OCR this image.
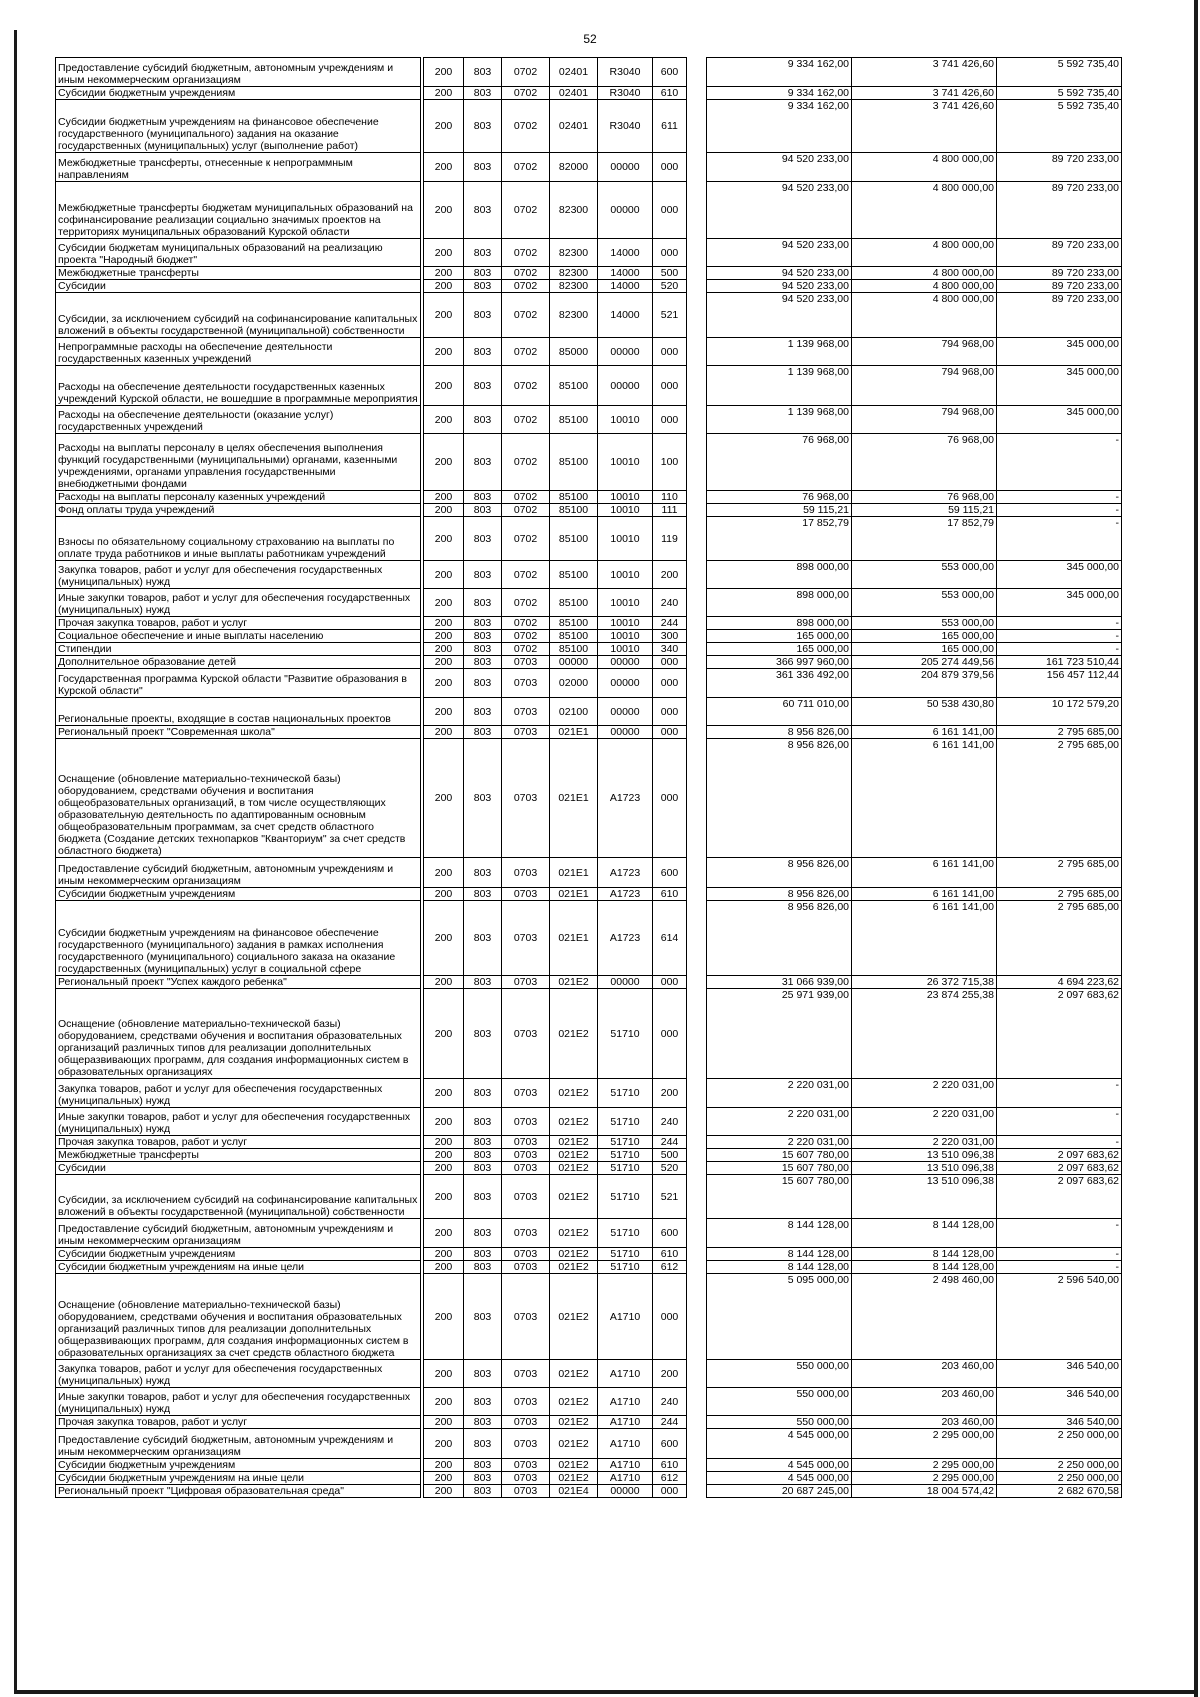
52
Предоставление субсидий бюджетным, автономным учреждениям и иным некоммерческим организациям		200	803	0702	02401	R3040	600		9 334 162,00	3 741 426,60	5 592 735,40
Субсидии бюджетным учреждениям		200	803	0702	02401	R3040	610		9 334 162,00	3 741 426,60	5 592 735,40
Субсидии бюджетным учреждениям на финансовое обеспечение государственного (муниципального) задания на оказание государственных (муниципальных) услуг (выполнение работ)		200	803	0702	02401	R3040	611		9 334 162,00	3 741 426,60	5 592 735,40
Межбюджетные трансферты, отнесенные к непрограммным направлениям		200	803	0702	82000	00000	000		94 520 233,00	4 800 000,00	89 720 233,00
Межбюджетные трансферты бюджетам муниципальных образований на софинансирование реализации социально значимых проектов на территориях муниципальных образований Курской области		200	803	0702	82300	00000	000		94 520 233,00	4 800 000,00	89 720 233,00
Субсидии бюджетам муниципальных образований на реализацию проекта "Народный бюджет"		200	803	0702	82300	14000	000		94 520 233,00	4 800 000,00	89 720 233,00
Межбюджетные трансферты		200	803	0702	82300	14000	500		94 520 233,00	4 800 000,00	89 720 233,00
Субсидии		200	803	0702	82300	14000	520		94 520 233,00	4 800 000,00	89 720 233,00
Субсидии, за исключением субсидий на софинансирование капитальных вложений в объекты государственной (муниципальной) собственности		200	803	0702	82300	14000	521		94 520 233,00	4 800 000,00	89 720 233,00
Непрограммные расходы на обеспечение деятельности государственных казенных учреждений		200	803	0702	85000	00000	000		1 139 968,00	794 968,00	345 000,00
Расходы на обеспечение деятельности государственных казенных учреждений Курской области, не вошедшие в программные мероприятия		200	803	0702	85100	00000	000		1 139 968,00	794 968,00	345 000,00
Расходы на обеспечение деятельности (оказание услуг) государственных учреждений		200	803	0702	85100	10010	000		1 139 968,00	794 968,00	345 000,00
Расходы на выплаты персоналу в целях обеспечения выполнения функций государственными (муниципальными) органами, казенными учреждениями, органами управления государственными внебюджетными фондами		200	803	0702	85100	10010	100		76 968,00	76 968,00	-
Расходы на выплаты персоналу казенных учреждений		200	803	0702	85100	10010	110		76 968,00	76 968,00	-
Фонд оплаты труда учреждений		200	803	0702	85100	10010	111		59 115,21	59 115,21	-
Взносы по обязательному социальному страхованию на выплаты по оплате труда работников и иные выплаты работникам учреждений		200	803	0702	85100	10010	119		17 852,79	17 852,79	-
Закупка товаров, работ и услуг для обеспечения государственных (муниципальных) нужд		200	803	0702	85100	10010	200		898 000,00	553 000,00	345 000,00
Иные закупки товаров, работ и услуг для обеспечения государственных (муниципальных) нужд		200	803	0702	85100	10010	240		898 000,00	553 000,00	345 000,00
Прочая закупка товаров, работ и услуг		200	803	0702	85100	10010	244		898 000,00	553 000,00	-
Социальное обеспечение и иные выплаты населению		200	803	0702	85100	10010	300		165 000,00	165 000,00	-
Стипендии		200	803	0702	85100	10010	340		165 000,00	165 000,00	-
Дополнительное образование детей		200	803	0703	00000	00000	000		366 997 960,00	205 274 449,56	161 723 510,44
Государственная программа Курской области "Развитие образования в Курской области"		200	803	0703	02000	00000	000		361 336 492,00	204 879 379,56	156 457 112,44
Региональные проекты, входящие в состав национальных проектов		200	803	0703	02100	00000	000		60 711 010,00	50 538 430,80	10 172 579,20
Региональный проект "Современная школа"		200	803	0703	021E1	00000	000		8 956 826,00	6 161 141,00	2 795 685,00
Оснащение (обновление материально-технической базы) оборудованием, средствами обучения и воспитания общеобразовательных организаций, в том числе осуществляющих образовательную деятельность по адаптированным основным общеобразовательным программам, за счет средств областного бюджета (Создание детских технопарков "Кванториум" за счет средств областного бюджета)		200	803	0703	021E1	A1723	000		8 956 826,00	6 161 141,00	2 795 685,00
Предоставление субсидий бюджетным, автономным учреждениям и иным некоммерческим организациям		200	803	0703	021E1	A1723	600		8 956 826,00	6 161 141,00	2 795 685,00
Субсидии бюджетным учреждениям		200	803	0703	021E1	A1723	610		8 956 826,00	6 161 141,00	2 795 685,00
Субсидии бюджетным учреждениям на финансовое обеспечение государственного (муниципального) задания в рамках исполнения государственного (муниципального) социального заказа на оказание государственных (муниципальных) услуг в социальной сфере		200	803	0703	021E1	A1723	614		8 956 826,00	6 161 141,00	2 795 685,00
Региональный проект "Успех каждого ребенка"		200	803	0703	021E2	00000	000		31 066 939,00	26 372 715,38	4 694 223,62
Оснащение (обновление материально-технической базы) оборудованием, средствами обучения и воспитания образовательных организаций различных типов для реализации дополнительных общеразвивающих программ, для создания информационных систем в образовательных организациях		200	803	0703	021E2	51710	000		25 971 939,00	23 874 255,38	2 097 683,62
Закупка товаров, работ и услуг для обеспечения государственных (муниципальных) нужд		200	803	0703	021E2	51710	200		2 220 031,00	2 220 031,00	-
Иные закупки товаров, работ и услуг для обеспечения государственных (муниципальных) нужд		200	803	0703	021E2	51710	240		2 220 031,00	2 220 031,00	-
Прочая закупка товаров, работ и услуг		200	803	0703	021E2	51710	244		2 220 031,00	2 220 031,00	-
Межбюджетные трансферты		200	803	0703	021E2	51710	500		15 607 780,00	13 510 096,38	2 097 683,62
Субсидии		200	803	0703	021E2	51710	520		15 607 780,00	13 510 096,38	2 097 683,62
Субсидии, за исключением субсидий на софинансирование капитальных вложений в объекты государственной (муниципальной) собственности		200	803	0703	021E2	51710	521		15 607 780,00	13 510 096,38	2 097 683,62
Предоставление субсидий бюджетным, автономным учреждениям и иным некоммерческим организациям		200	803	0703	021E2	51710	600		8 144 128,00	8 144 128,00	-
Субсидии бюджетным учреждениям		200	803	0703	021E2	51710	610		8 144 128,00	8 144 128,00	-
Субсидии бюджетным учреждениям на иные цели		200	803	0703	021E2	51710	612		8 144 128,00	8 144 128,00	-
Оснащение (обновление материально-технической базы) оборудованием, средствами обучения и воспитания образовательных организаций различных типов для реализации дополнительных общеразвивающих программ, для создания информационных систем в образовательных организациях за счет средств областного бюджета		200	803	0703	021E2	A1710	000		5 095 000,00	2 498 460,00	2 596 540,00
Закупка товаров, работ и услуг для обеспечения государственных (муниципальных) нужд		200	803	0703	021E2	A1710	200		550 000,00	203 460,00	346 540,00
Иные закупки товаров, работ и услуг для обеспечения государственных (муниципальных) нужд		200	803	0703	021E2	A1710	240		550 000,00	203 460,00	346 540,00
Прочая закупка товаров, работ и услуг		200	803	0703	021E2	A1710	244		550 000,00	203 460,00	346 540,00
Предоставление субсидий бюджетным, автономным учреждениям и иным некоммерческим организациям		200	803	0703	021E2	A1710	600		4 545 000,00	2 295 000,00	2 250 000,00
Субсидии бюджетным учреждениям		200	803	0703	021E2	A1710	610		4 545 000,00	2 295 000,00	2 250 000,00
Субсидии бюджетным учреждениям на иные цели		200	803	0703	021E2	A1710	612		4 545 000,00	2 295 000,00	2 250 000,00
Региональный проект "Цифровая образовательная среда"		200	803	0703	021E4	00000	000		20 687 245,00	18 004 574,42	2 682 670,58
